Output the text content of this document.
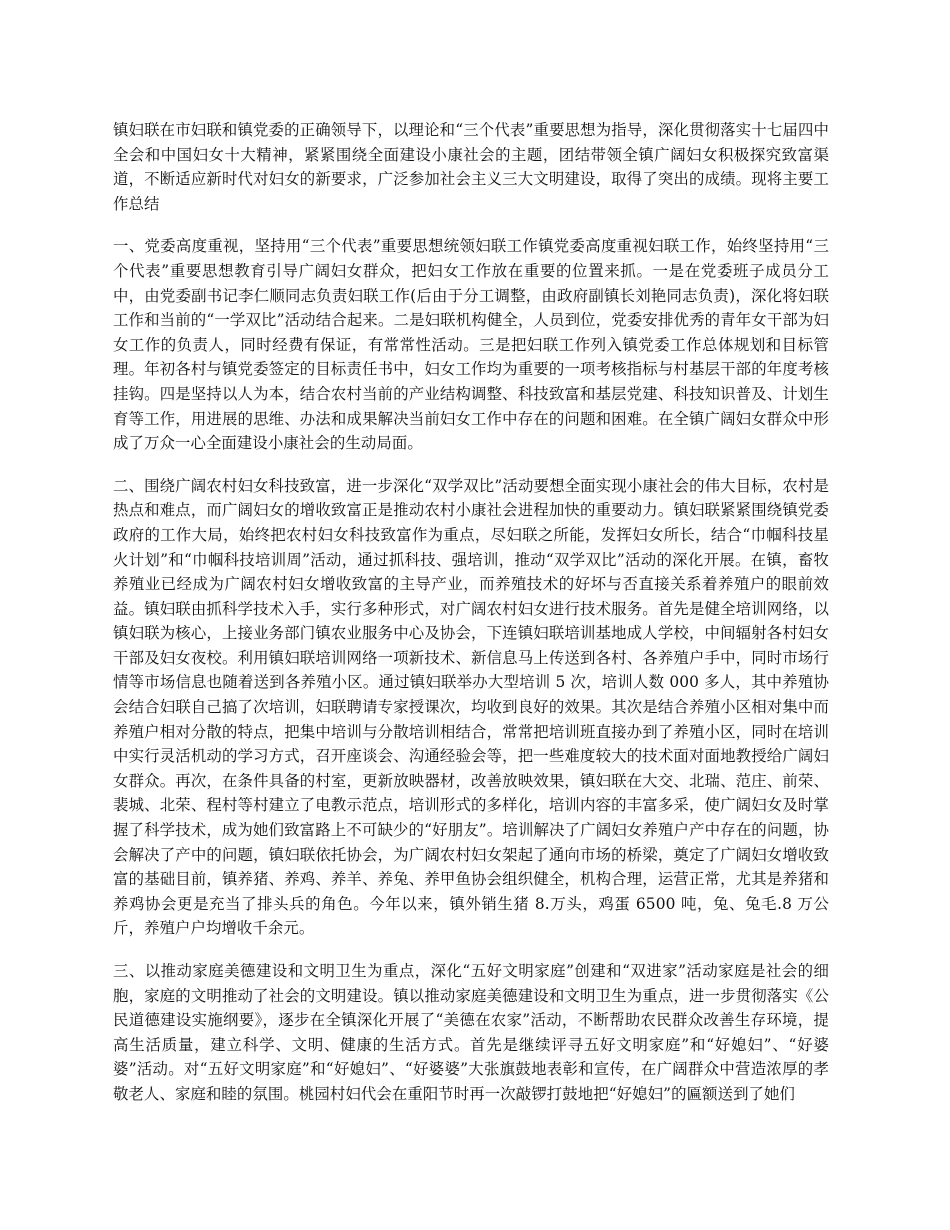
镇妇联在市妇联和镇党委的正确领导下，以理论和“三个代表”重要思想为指导，深化贯彻落实十七届四中全会和中国妇女十大精神，紧紧围绕全面建设小康社会的主题，团结带领全镇广阔妇女积极探究致富渠道，不断适应新时代对妇女的新要求，广泛参加社会主义三大文明建设，取得了突出的成绩。现将主要工作总结

一、党委高度重视，坚持用“三个代表”重要思想统领妇联工作镇党委高度重视妇联工作，始终坚持用“三个代表”重要思想教育引导广阔妇女群众，把妇女工作放在重要的位置来抓。一是在党委班子成员分工中，由党委副书记李仁顺同志负责妇联工作(后由于分工调整，由政府副镇长刘艳同志负责)，深化将妇联工作和当前的“一学双比”活动结合起来。二是妇联机构健全，人员到位，党委安排优秀的青年女干部为妇女工作的负责人，同时经费有保证，有常常性活动。三是把妇联工作列入镇党委工作总体规划和目标管理。年初各村与镇党委签定的目标责任书中，妇女工作均为重要的一项考核指标与村基层干部的年度考核挂钩。四是坚持以人为本，结合农村当前的产业结构调整、科技致富和基层党建、科技知识普及、计划生育等工作，用进展的思维、办法和成果解决当前妇女工作中存在的问题和困难。在全镇广阔妇女群众中形成了万众一心全面建设小康社会的生动局面。

二、围绕广阔农村妇女科技致富，进一步深化“双学双比”活动要想全面实现小康社会的伟大目标，农村是热点和难点，而广阔妇女的增收致富正是推动农村小康社会进程加快的重要动力。镇妇联紧紧围绕镇党委政府的工作大局，始终把农村妇女科技致富作为重点，尽妇联之所能，发挥妇女所长，结合“巾帼科技星火计划”和“巾帼科技培训周”活动，通过抓科技、强培训，推动“双学双比”活动的深化开展。在镇，畜牧养殖业已经成为广阔农村妇女增收致富的主导产业，而养殖技术的好坏与否直接关系着养殖户的眼前效益。镇妇联由抓科学技术入手，实行多种形式，对广阔农村妇女进行技术服务。首先是健全培训网络，以镇妇联为核心，上接业务部门镇农业服务中心及协会，下连镇妇联培训基地成人学校，中间辐射各村妇女干部及妇女夜校。利用镇妇联培训网络一项新技术、新信息马上传送到各村、各养殖户手中，同时市场行情等市场信息也随着送到各养殖小区。通过镇妇联举办大型培训 5 次，培训人数 000 多人，其中养殖协会结合妇联自己搞了次培训，妇联聘请专家授课次，均收到良好的效果。其次是结合养殖小区相对集中而养殖户相对分散的特点，把集中培训与分散培训相结合，常常把培训班直接办到了养殖小区，同时在培训中实行灵活机动的学习方式，召开座谈会、沟通经验会等，把一些难度较大的技术面对面地教授给广阔妇女群众。再次，在条件具备的村室，更新放映器材，改善放映效果，镇妇联在大交、北瑞、范庄、前荣、裴城、北荣、程村等村建立了电教示范点，培训形式的多样化，培训内容的丰富多采，使广阔妇女及时掌握了科学技术，成为她们致富路上不可缺少的“好朋友”。培训解决了广阔妇女养殖户产中存在的问题，协会解决了产中的问题，镇妇联依托协会，为广阔农村妇女架起了通向市场的桥梁，奠定了广阔妇女增收致富的基础目前，镇养猪、养鸡、养羊、养兔、养甲鱼协会组织健全，机构合理，运营正常，尤其是养猪和养鸡协会更是充当了排头兵的角色。今年以来，镇外销生猪 8.万头，鸡蛋 6500 吨，兔、兔毛.8 万公斤，养殖户户均增收千余元。

三、以推动家庭美德建设和文明卫生为重点，深化“五好文明家庭”创建和“双进家”活动家庭是社会的细胞，家庭的文明推动了社会的文明建设。镇以推动家庭美德建设和文明卫生为重点，进一步贯彻落实《公民道德建设实施纲要》，逐步在全镇深化开展了“美德在农家”活动，不断帮助农民群众改善生存环境，提高生活质量，建立科学、文明、健康的生活方式。首先是继续评寻五好文明家庭”和“好媳妇”、“好婆婆”活动。对“五好文明家庭”和“好媳妇”、“好婆婆”大张旗鼓地表彰和宣传，在广阔群众中营造浓厚的孝敬老人、家庭和睦的氛围。桃园村妇代会在重阳节时再一次敲锣打鼓地把“好媳妇”的匾额送到了她们
